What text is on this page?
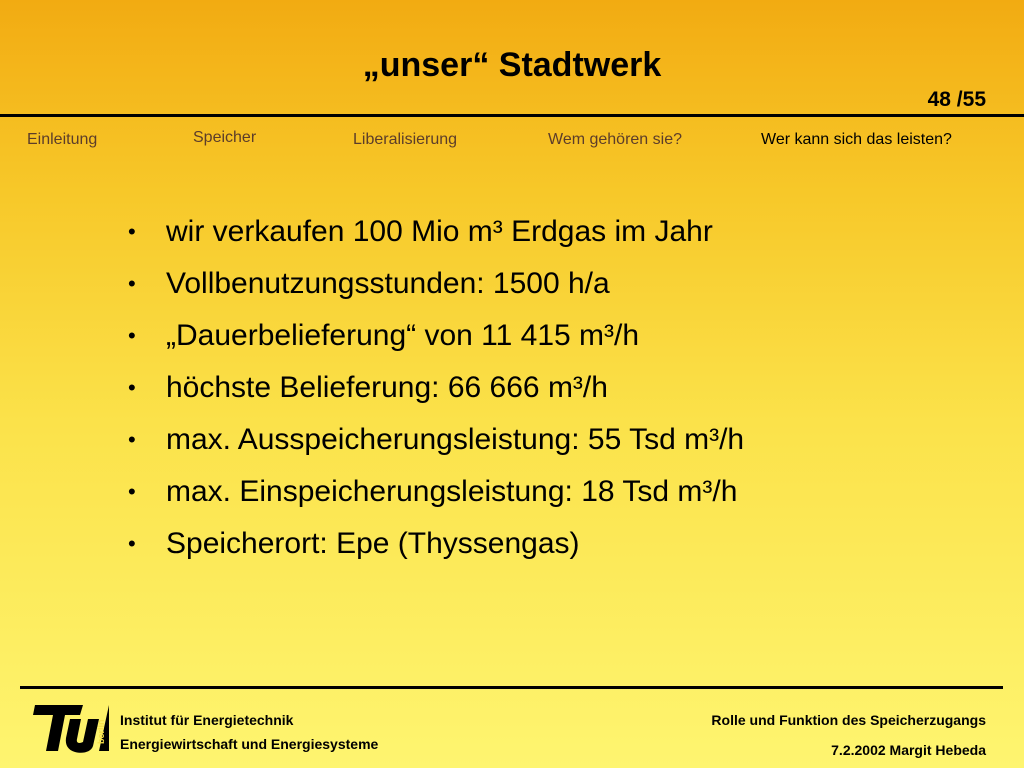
„unser“ Stadtwerk
48 /55
Einleitung	Speicher	Liberalisierung	Wem gehören sie?	Wer kann sich das leisten?
• wir verkaufen 100 Mio m³ Erdgas im Jahr
• Vollbenutzungsstunden: 1500 h/a
• „Dauerbelieferung“ von 11 415 m³/h
• höchste Belieferung: 66 666 m³/h
• max. Ausspeicherungsleistung: 55 Tsd m³/h
• max. Einspeicherungsleistung: 18 Tsd m³/h
• Speicherort: Epe (Thyssengas)
berlin Institut für Energietechnik
Energiewirtschaft und Energiesysteme
Rolle und Funktion des Speicherzugangs
7.2.2002 Margit Hebeda
